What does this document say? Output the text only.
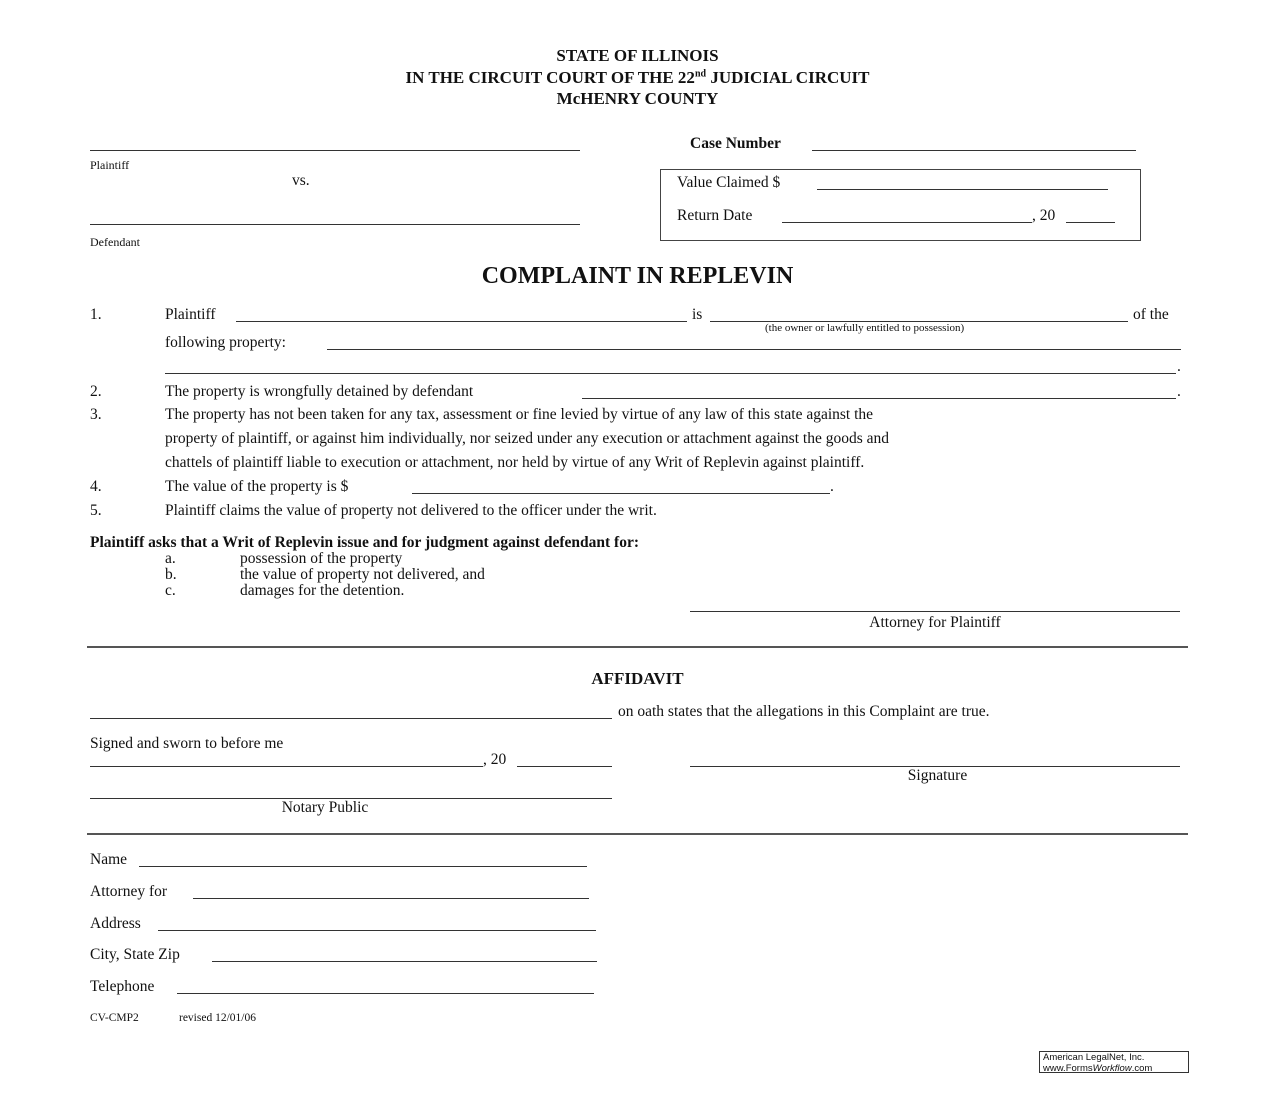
STATE OF ILLINOIS
IN THE CIRCUIT COURT OF THE 22nd JUDICIAL CIRCUIT
McHENRY COUNTY
Plaintiff
vs.
Defendant
Case Number
Value Claimed $
Return Date	, 20
COMPLAINT IN REPLEVIN
1.	Plaintiff	is	of the
(the owner or lawfully entitled to possession)
following property:
.
2.	The property is wrongfully detained by defendant	.
3.	The property has not been taken for any tax, assessment or fine levied by virtue of any law of this state against the
property of plaintiff, or against him individually, nor seized under any execution or attachment against the goods and
chattels of plaintiff liable to execution or attachment, nor held by virtue of any Writ of Replevin against plaintiff.
4.	The value of the property is $	.
5.	Plaintiff claims the value of property not delivered to the officer under the writ.
Plaintiff asks that a Writ of Replevin issue and for judgment against defendant for:
a.	possession of the property
b.	the value of property not delivered, and
c.	damages for the detention.
Attorney for Plaintiff
AFFIDAVIT
on oath states that the allegations in this Complaint are true.
Signed and sworn to before me
, 20
Signature
Notary Public
Name
Attorney for
Address
City, State Zip
Telephone
CV-CMP2	revised 12/01/06
American LegalNet, Inc.
www.FormsWorkflow.com
